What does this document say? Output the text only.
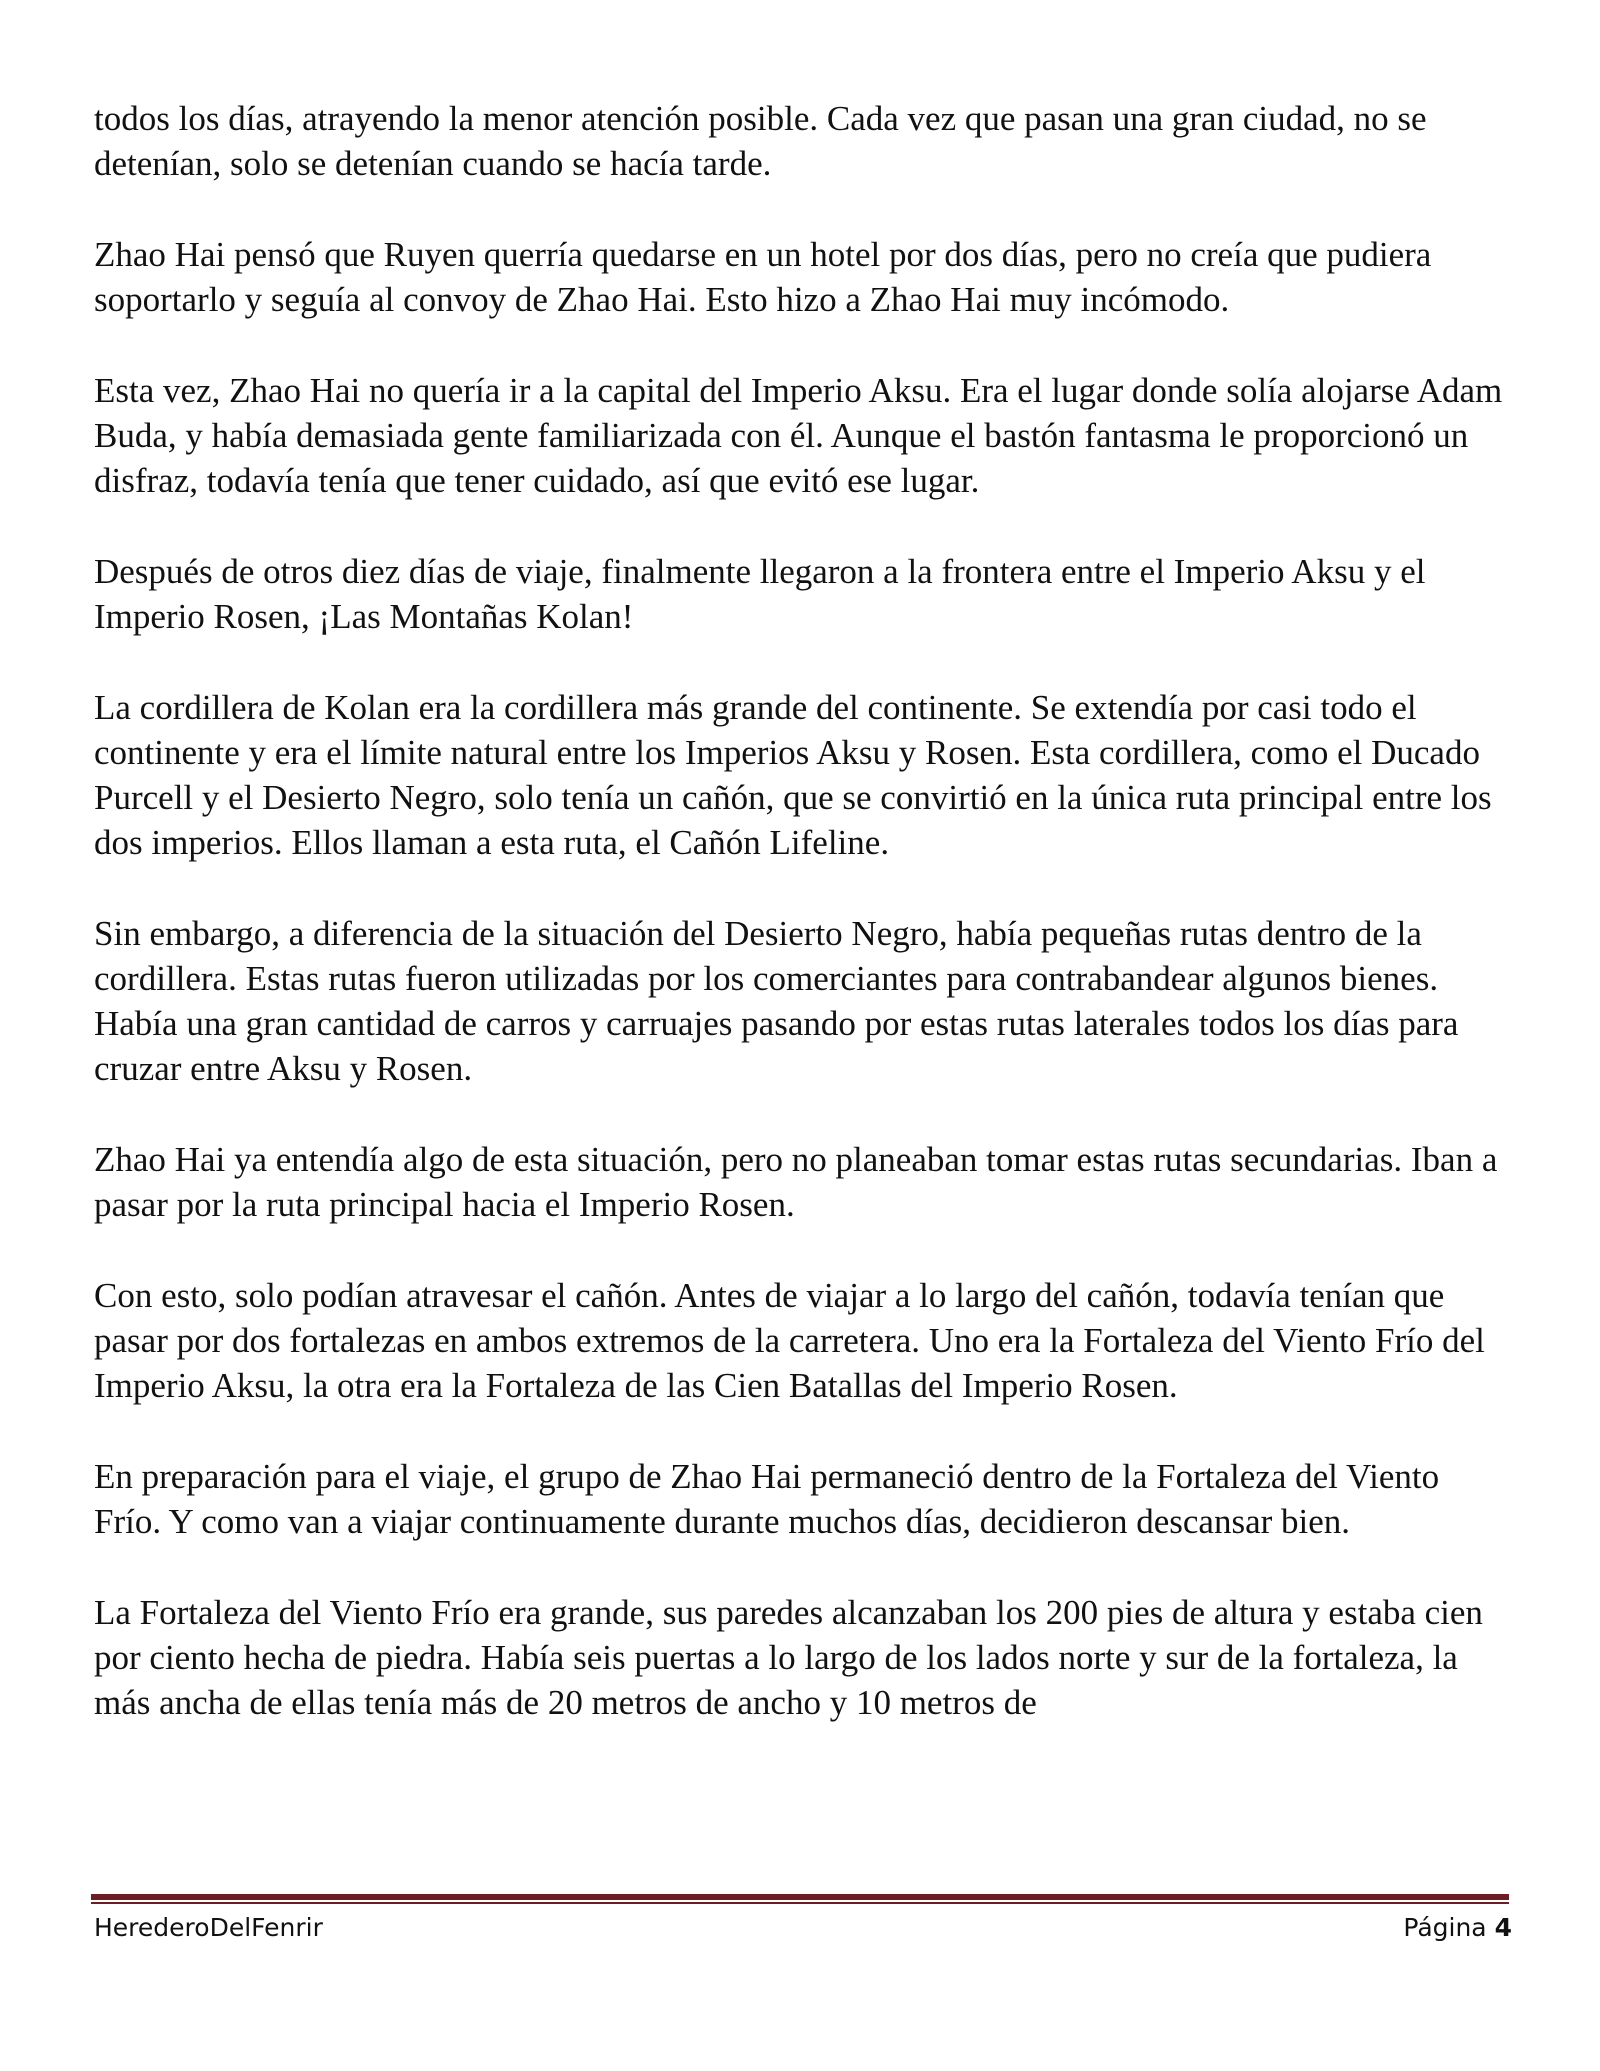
todos los días, atrayendo la menor atención posible. Cada vez que pasan una gran ciudad, no se detenían, solo se detenían cuando se hacía tarde.

Zhao Hai pensó que Ruyen querría quedarse en un hotel por dos días, pero no creía que pudiera soportarlo y seguía al convoy de Zhao Hai. Esto hizo a Zhao Hai muy incómodo.

Esta vez, Zhao Hai no quería ir a la capital del Imperio Aksu. Era el lugar donde solía alojarse Adam Buda, y había demasiada gente familiarizada con él. Aunque el bastón fantasma le proporcionó un disfraz, todavía tenía que tener cuidado, así que evitó ese lugar.

Después de otros diez días de viaje, finalmente llegaron a la frontera entre el Imperio Aksu y el Imperio Rosen, ¡Las Montañas Kolan!

La cordillera de Kolan era la cordillera más grande del continente. Se extendía por casi todo el continente y era el límite natural entre los Imperios Aksu y Rosen. Esta cordillera, como el Ducado Purcell y el Desierto Negro, solo tenía un cañón, que se convirtió en la única ruta principal entre los dos imperios. Ellos llaman a esta ruta, el Cañón Lifeline.

Sin embargo, a diferencia de la situación del Desierto Negro, había pequeñas rutas dentro de la cordillera. Estas rutas fueron utilizadas por los comerciantes para contrabandear algunos bienes. Había una gran cantidad de carros y carruajes pasando por estas rutas laterales todos los días para cruzar entre Aksu y Rosen.

Zhao Hai ya entendía algo de esta situación, pero no planeaban tomar estas rutas secundarias. Iban a pasar por la ruta principal hacia el Imperio Rosen.

Con esto, solo podían atravesar el cañón. Antes de viajar a lo largo del cañón, todavía tenían que pasar por dos fortalezas en ambos extremos de la carretera. Uno era la Fortaleza del Viento Frío del Imperio Aksu, la otra era la Fortaleza de las Cien Batallas del Imperio Rosen.

En preparación para el viaje, el grupo de Zhao Hai permaneció dentro de la Fortaleza del Viento Frío. Y como van a viajar continuamente durante muchos días, decidieron descansar bien.

La Fortaleza del Viento Frío era grande, sus paredes alcanzaban los 200 pies de altura y estaba cien por ciento hecha de piedra. Había seis puertas a lo largo de los lados norte y sur de la fortaleza, la más ancha de ellas tenía más de 20 metros de ancho y 10 metros de

HerederoDelFenrir	Página 4
